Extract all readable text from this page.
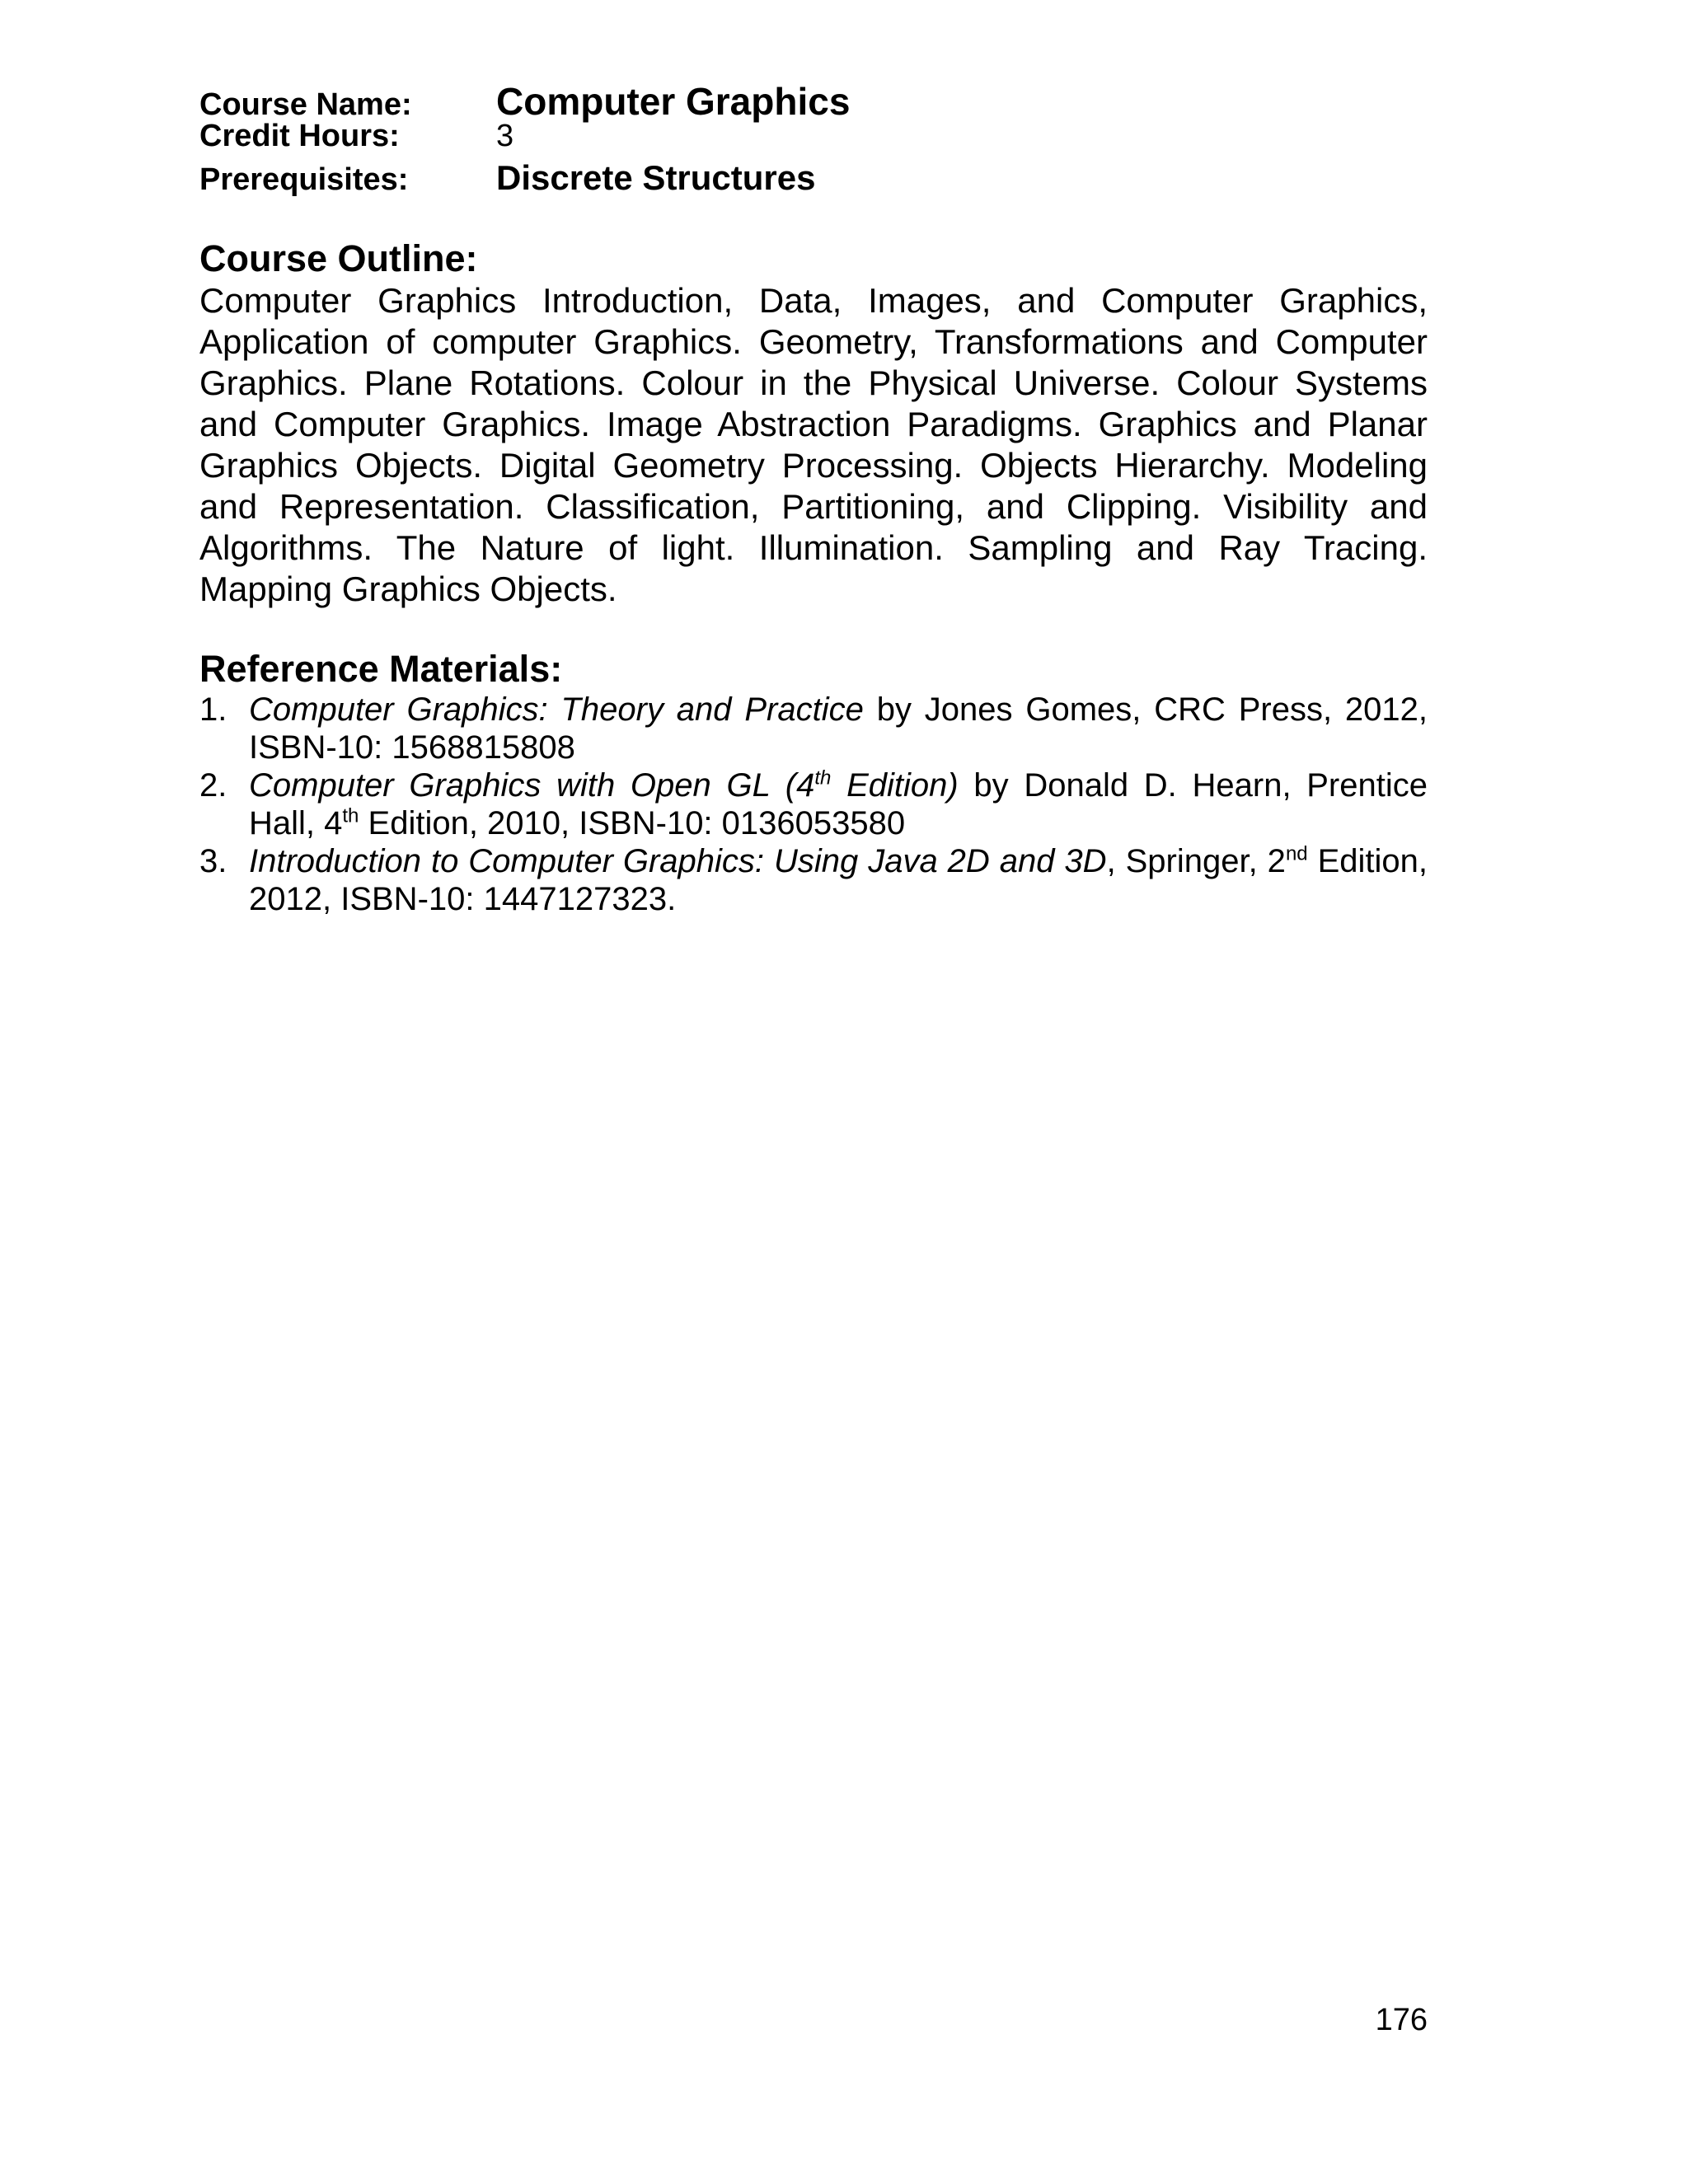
Course Name:	Computer Graphics
Credit Hours:	3
Prerequisites:	Discrete Structures
Course Outline:

Computer Graphics Introduction, Data, Images, and Computer Graphics, Application of computer Graphics. Geometry, Transformations and Computer Graphics. Plane Rotations. Colour in the Physical Universe. Colour Systems and Computer Graphics. Image Abstraction Paradigms. Graphics and Planar Graphics Objects. Digital Geometry Processing. Objects Hierarchy. Modeling and Representation. Classification, Partitioning, and Clipping. Visibility and Algorithms. The Nature of light. Illumination. Sampling and Ray Tracing. Mapping Graphics Objects.

Reference Materials:
1. Computer Graphics: Theory and Practice by Jones Gomes, CRC Press, 2012, ISBN-10: 1568815808
2. Computer Graphics with Open GL (4th Edition) by Donald D. Hearn, Prentice Hall, 4th Edition, 2010, ISBN-10: 0136053580
3. Introduction to Computer Graphics: Using Java 2D and 3D, Springer, 2nd Edition, 2012, ISBN-10: 1447127323.
176
